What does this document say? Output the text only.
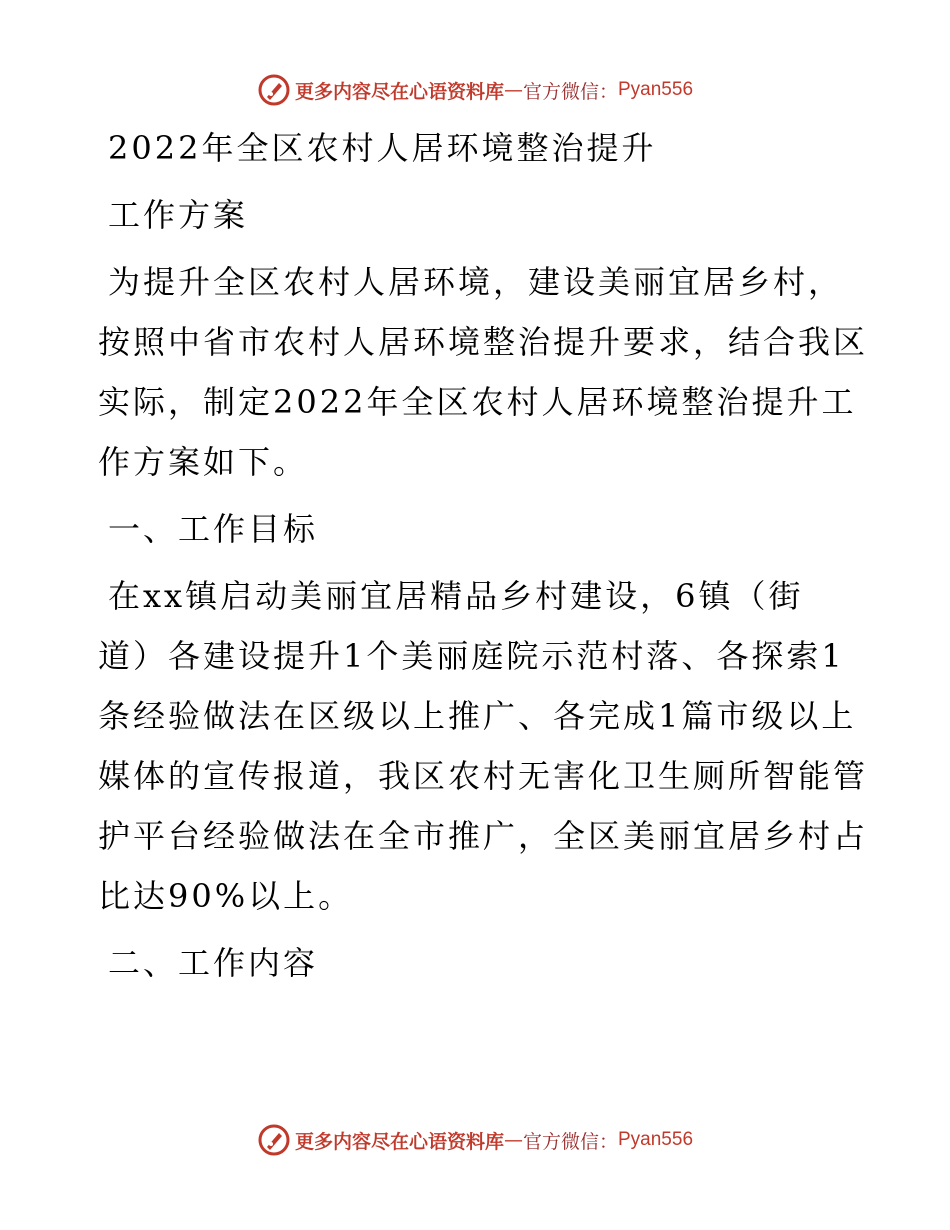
更多内容尽在心语资料库 — 官方微信： Pyan556
2022年全区农村人居环境整治提升
工作方案
为提升全区农村人居环境，建设美丽宜居乡村，
按照中省市农村人居环境整治提升要求，结合我区
实际，制定2022年全区农村人居环境整治提升工
作方案如下。
一、工作目标
在xx镇启动美丽宜居精品乡村建设，6镇（街
道）各建设提升1个美丽庭院示范村落、各探索1
条经验做法在区级以上推广、各完成1篇市级以上
媒体的宣传报道，我区农村无害化卫生厕所智能管
护平台经验做法在全市推广，全区美丽宜居乡村占
比达90%以上。
二、工作内容
更多内容尽在心语资料库 — 官方微信： Pyan556
